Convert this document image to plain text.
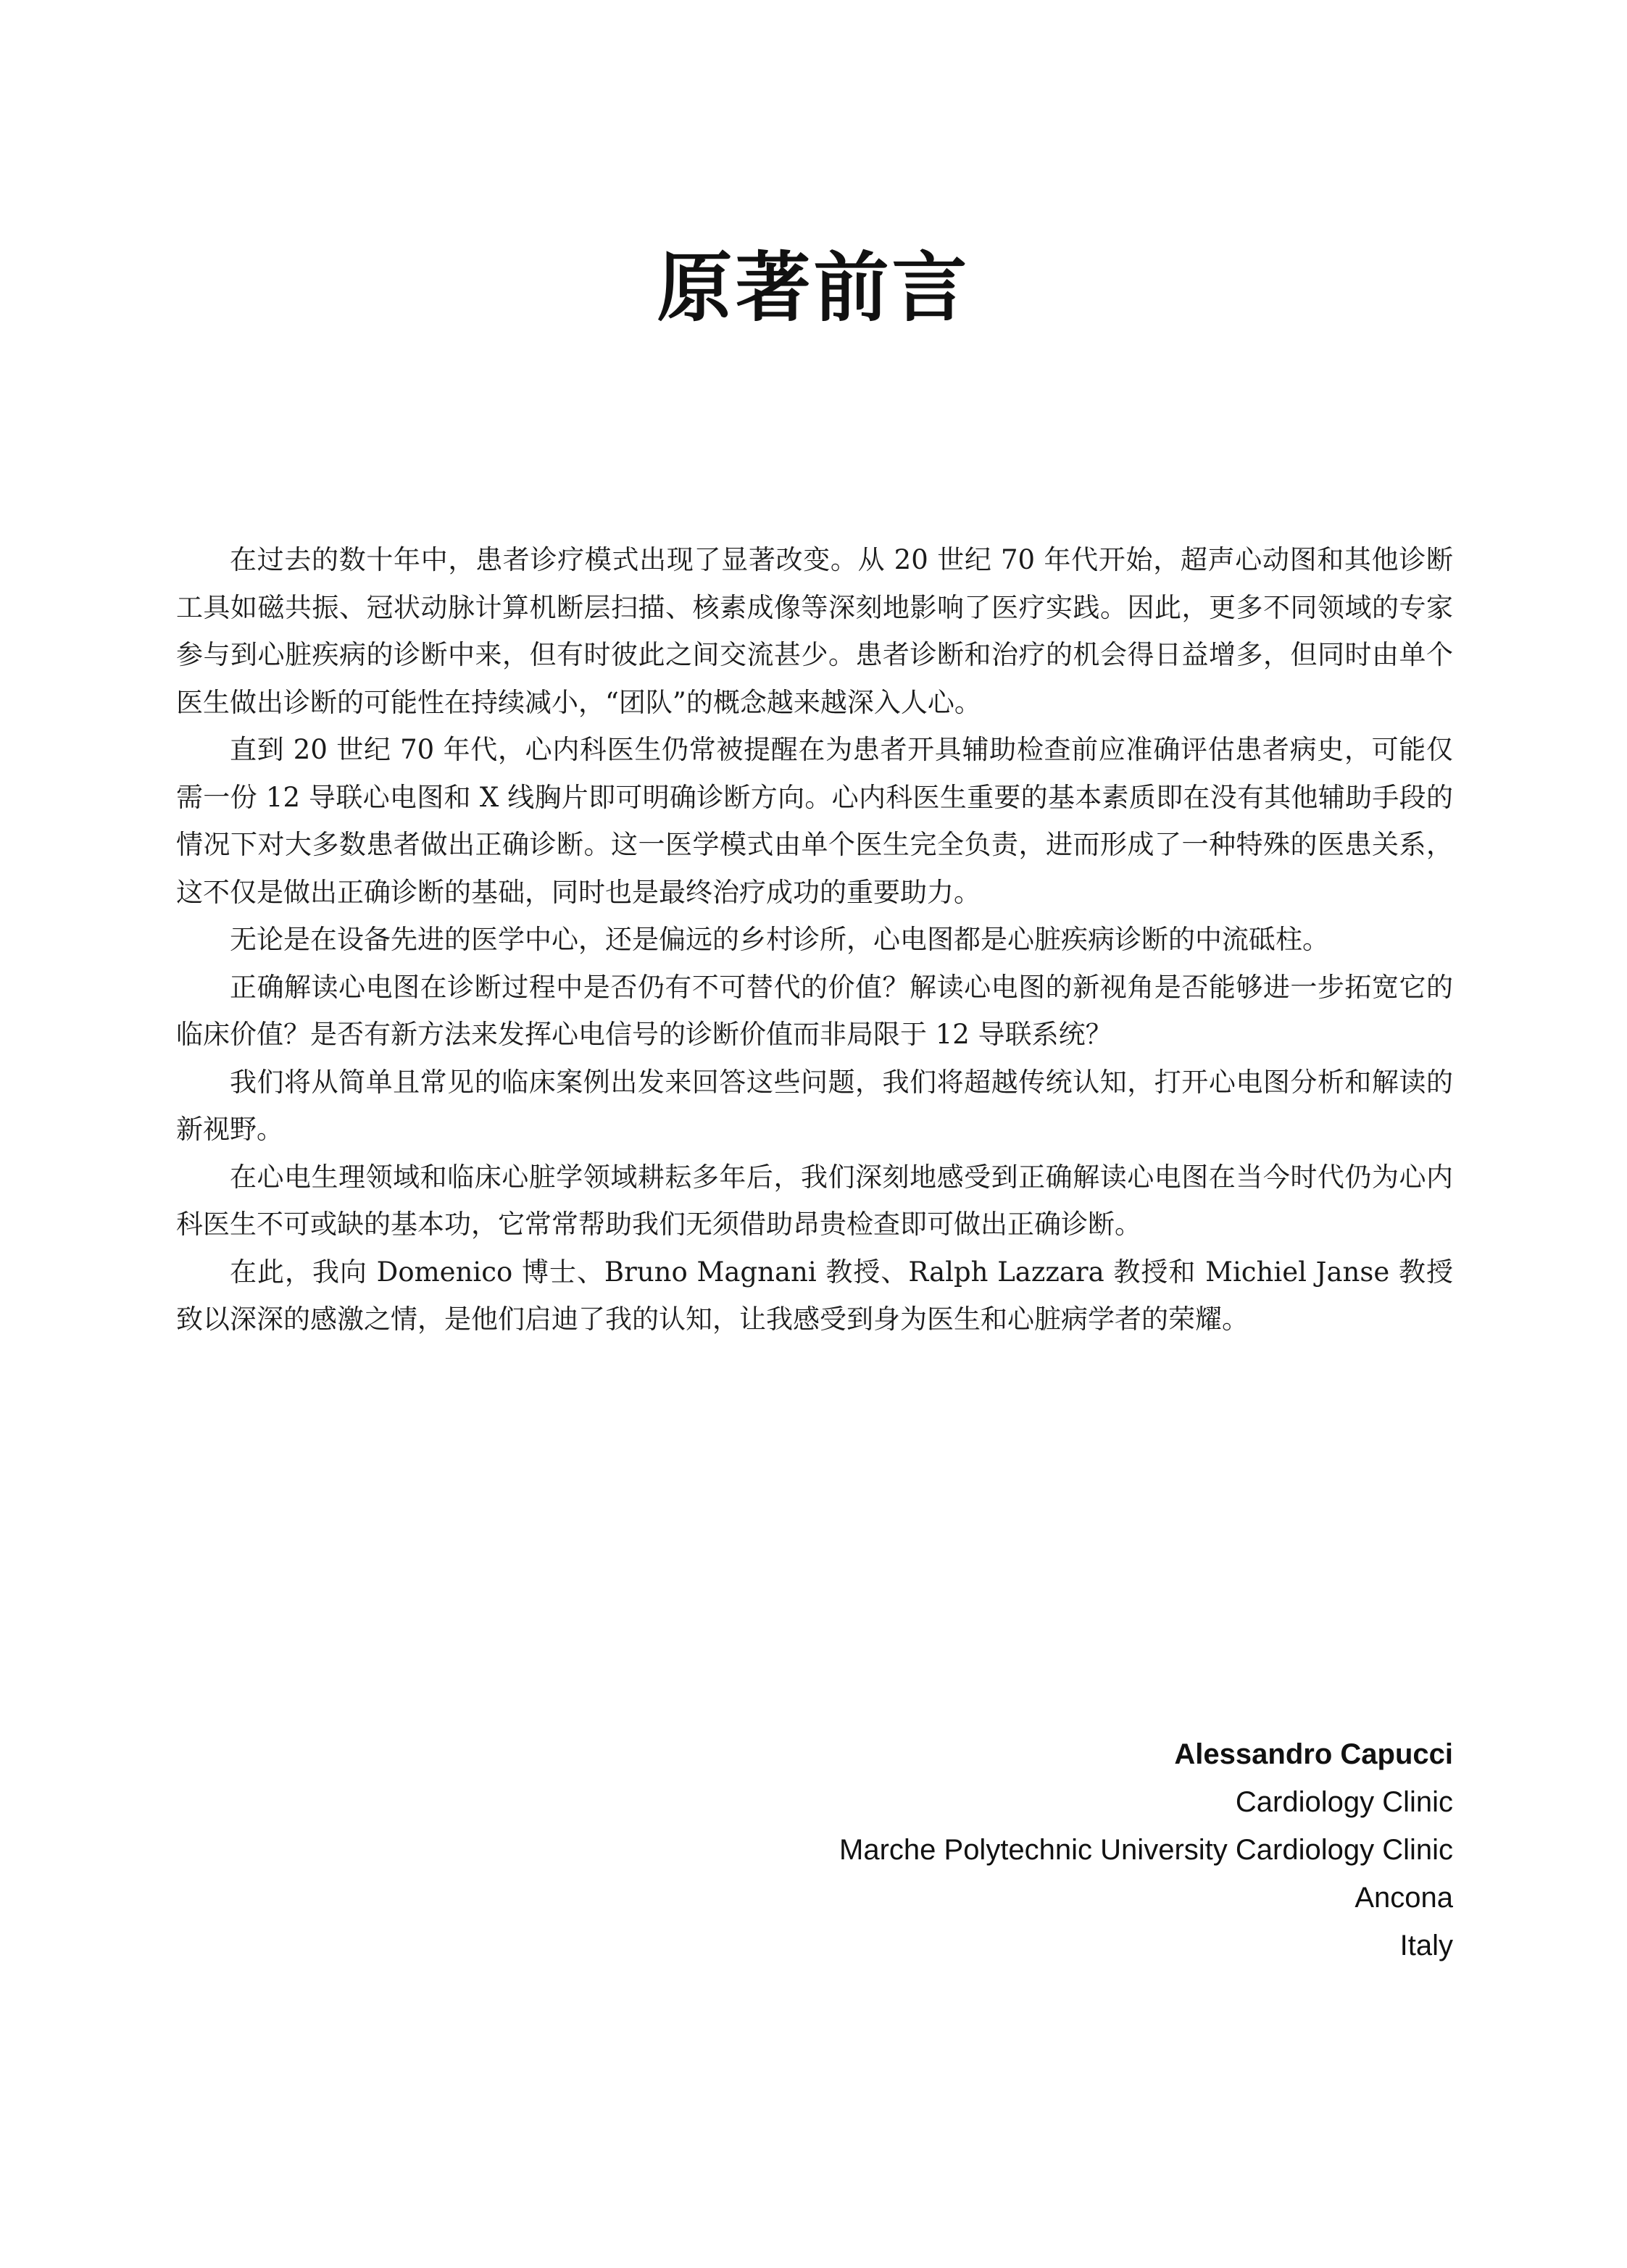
原著前言

在过去的数十年中，患者诊疗模式出现了显著改变。从 20 世纪 70 年代开始，超声心动图和其他诊断工具如磁共振、冠状动脉计算机断层扫描、核素成像等深刻地影响了医疗实践。因此，更多不同领域的专家参与到心脏疾病的诊断中来，但有时彼此之间交流甚少。患者诊断和治疗的机会得日益增多，但同时由单个医生做出诊断的可能性在持续减小，“团队”的概念越来越深入人心。

直到 20 世纪 70 年代，心内科医生仍常被提醒在为患者开具辅助检查前应准确评估患者病史，可能仅需一份 12 导联心电图和 X 线胸片即可明确诊断方向。心内科医生重要的基本素质即在没有其他辅助手段的情况下对大多数患者做出正确诊断。这一医学模式由单个医生完全负责，进而形成了一种特殊的医患关系，这不仅是做出正确诊断的基础，同时也是最终治疗成功的重要助力。

无论是在设备先进的医学中心，还是偏远的乡村诊所，心电图都是心脏疾病诊断的中流砥柱。

正确解读心电图在诊断过程中是否仍有不可替代的价值？解读心电图的新视角是否能够进一步拓宽它的临床价值？是否有新方法来发挥心电信号的诊断价值而非局限于 12 导联系统？

我们将从简单且常见的临床案例出发来回答这些问题，我们将超越传统认知，打开心电图分析和解读的新视野。

在心电生理领域和临床心脏学领域耕耘多年后，我们深刻地感受到正确解读心电图在当今时代仍为心内科医生不可或缺的基本功，它常常帮助我们无须借助昂贵检查即可做出正确诊断。

在此，我向 Domenico 博士、Bruno Magnani 教授、Ralph Lazzara 教授和 Michiel Janse 教授致以深深的感激之情，是他们启迪了我的认知，让我感受到身为医生和心脏病学者的荣耀。

Alessandro Capucci
Cardiology Clinic
Marche Polytechnic University Cardiology Clinic
Ancona
Italy
